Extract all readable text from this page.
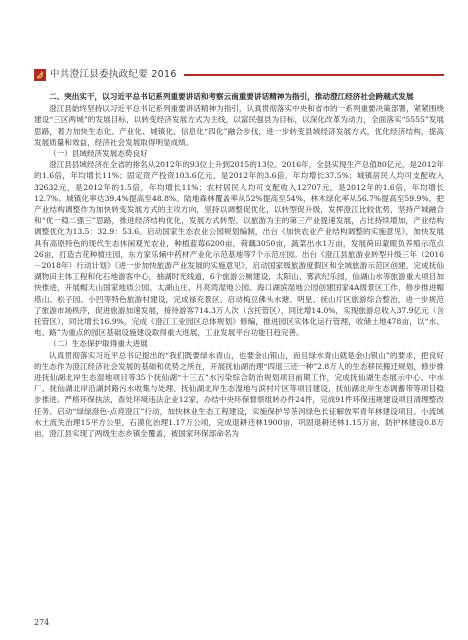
中共澄江县委执政纪要 2016

二、突出实干，以习近平总书记系列重要讲话和考察云南重要讲话精神为指引，推动澄江经济社会跨越式发展

澄江县始终坚持以习近平总书记系列重要讲话精神为指引，认真贯彻落实中央和省市的一系列重要决策部署，紧紧围绕建设“三区两城”的发展目标，以转变经济发展方式为主线，以富民强县为目标，以深化改革为动力，全面落实“5555”发展思路，着力加快生态化、产业化、城镇化、信息化“四化”融合步伐，进一步转变县域经济发展方式，优化经济结构，提高发展质量和效益，经济社会发展取得明显成绩。

（一）县域经济发展态势良好

澄江县县域经济在全省的排名从2012年的93位上升到2015的13位。2016年，全县实现生产总值80亿元，是2012年的1.6倍，年均增长11%；固定资产投资103.6亿元，是2012年的3.6倍，年均增长37.5%；城镇居民人均可支配收入32632元，是2012年的1.5倍，年均增长11%；农村居民人均可支配收入12707元，是2012年的1.6倍，年均增长12.7%。城镇化率达39.4%提高至48.8%。陆地森林覆盖率从52%提高至54%，林木绿化率从56.7%提高至59.9%。把产业结构调整作为加快转变发展方式的主攻方向，坚持以调整促优化，以转型促升级，发挥澄江比较优势，坚持产城融合和“优一稳二强三”思路，推进经济结构优化，发展方式转型。以旅游为主的第三产业提速发展，占比持续增加，产业结构调整优化为13.5：32.9：53.6。启动国家生态农业公园规划编制，出台《加快农业产业结构调整的实施意见》，加快发展具有高原特色的现代生态休闲观光农业，种植蓝莓6200亩，荷藕3050亩，蔬菜出水1万亩，发展荷田蒙眼负养殖示范点26亩，打造吉花种植庄园，东方家乐辅中药材产业化示范基地等7个示范庄园。出台《澄江县旅游业转型升级三年（2016－2018年）行动计划》《进一步加快旅游产业发展的实施意见》，启动国家级旅游度假区和全域旅游示范区创建，完成抚仙湖物田主体工程和化石地游客中心，抽湖时光线道，6个旅游公厕建设，太阳山、雾武纪乐园，仙湖山水等旅游重大项目加快推进，开展帽天山国家地质公园、太湖山庄、月亮湾湿地公园、海口湖滨湿地公园创建国家4A级景区工作，修步推进帽塔山、松子园、小凹等特色旅游村建设，完成禄充景区、启动梅豆佛头水塘、明星、抚山片区旅游综合整治，进一步规范了旅游市场秩序，促进旅游加速发展，接待游客714.3万人次（含托管区），同比增14.0%，实现旅游总收入37.9亿元（含托管区），同比增长16.9%。完成《澄江工业园区总体规划》修编，推进园区实体化运行管理，收储土地478亩，以“水、电、路”为重点的园区基础设施建设取得重大进展，工业发展平台功能日趋完善。

（二）生态保护取得重大进展

认真贯彻落实习近平总书记提出的“我们既要绿水青山，也要金山银山，而且绿水青山就是金山银山”的要求，把良好的生态作为澄江经济社会发展的基础和优势之所在，开展抚仙湖治理“四退三还一种”2.8万人的生态移民搬迁规划，修步推进抚仙湖北岸生态湿地项目等35个抚仙湖“十三五”水污染综合防治规划项目前期工作，完成抚仙湖生态展示中心、中水厂、抚仙湖北岸沿湖封路污水收集与处理、抚仙湖北岸生态湿地与滨村片区等项目建设，抚仙湖北岸生态调蓄带等项目稳步推进。严格环保执法，查处环境违法企业12家，办结中央环保督察组转办件24件，完成91件环保违规建设项目清理整改任务。启动“绿绿澄色·点亮澄江”行动，加快林业生态工程建设，实施保护导茶河绿色长征解放军青年林建设项目。小流域水土流失治理15平方公里，石漠化治理1.17万公顷，完成退耕还林1900亩，巩固退耕还林1.15万亩，防护林建设0.8万亩，澄江县实现了两级生态乡镇全覆盖，被国家环保部命名为

274
